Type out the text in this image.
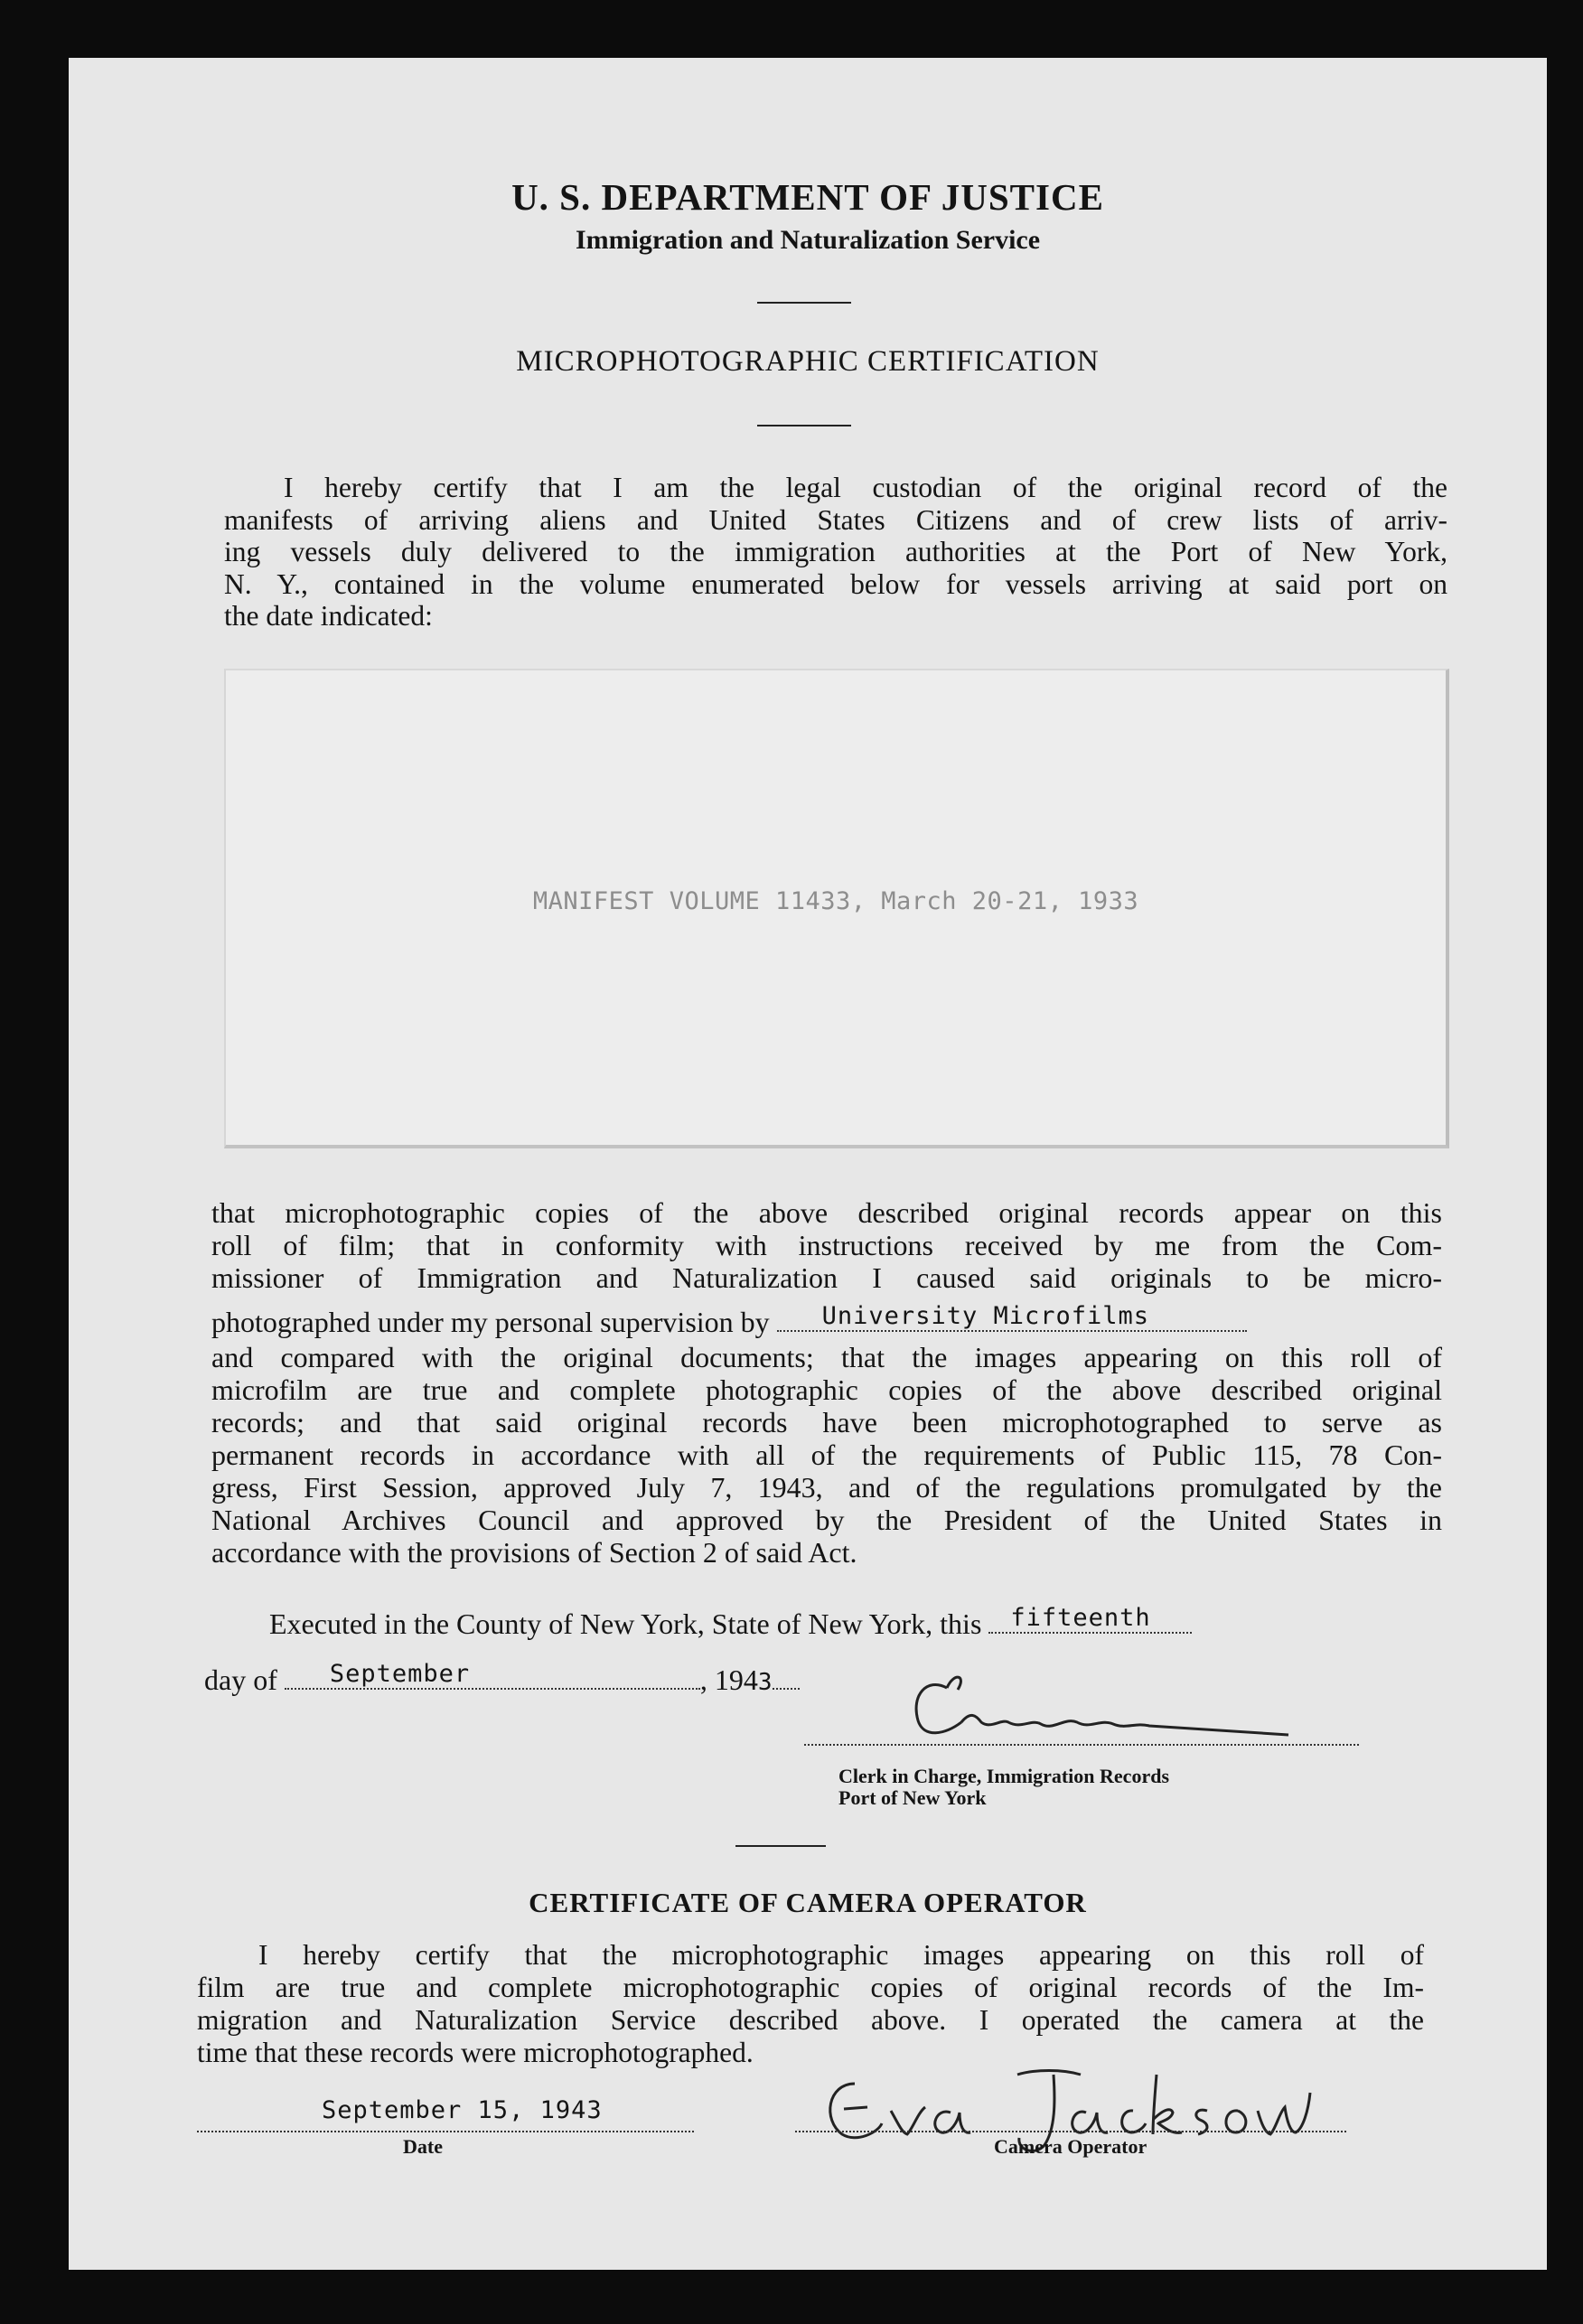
U. S. DEPARTMENT OF JUSTICE
Immigration and Naturalization Service
MICROPHOTOGRAPHIC CERTIFICATION
I hereby certify that I am the legal custodian of the original record of the
manifests of arriving aliens and United States Citizens and of crew lists of arriv-
ing vessels duly delivered to the immigration authorities at the Port of New York,
N. Y., contained in the volume enumerated below for vessels arriving at said port on
the date indicated:
MANIFEST VOLUME 11433, March 20-21, 1933
that microphotographic copies of the above described original records appear on this
roll of film; that in conformity with instructions received by me from the Com-
missioner of Immigration and Naturalization I caused said originals to be micro-
photographed under my personal supervision by University Microfilms
and compared with the original documents; that the images appearing on this roll of
microfilm are true and complete photographic copies of the above described original
records; and that said original records have been microphotographed to serve as
permanent records in accordance with all of the requirements of Public 115, 78 Con-
gress, First Session, approved July 7, 1943, and of the regulations promulgated by the
National Archives Council and approved by the President of the United States in
accordance with the provisions of Section 2 of said Act.
Executed in the County of New York, State of New York, this fifteenth
day of September	, 1943
Clerk in Charge, Immigration Records
Port of New York
CERTIFICATE OF CAMERA OPERATOR
I hereby certify that the microphotographic images appearing on this roll of
film are true and complete microphotographic copies of original records of the Im-
migration and Naturalization Service described above. I operated the camera at the
time that these records were microphotographed.
September 15, 1943
Date	Camera Operator
